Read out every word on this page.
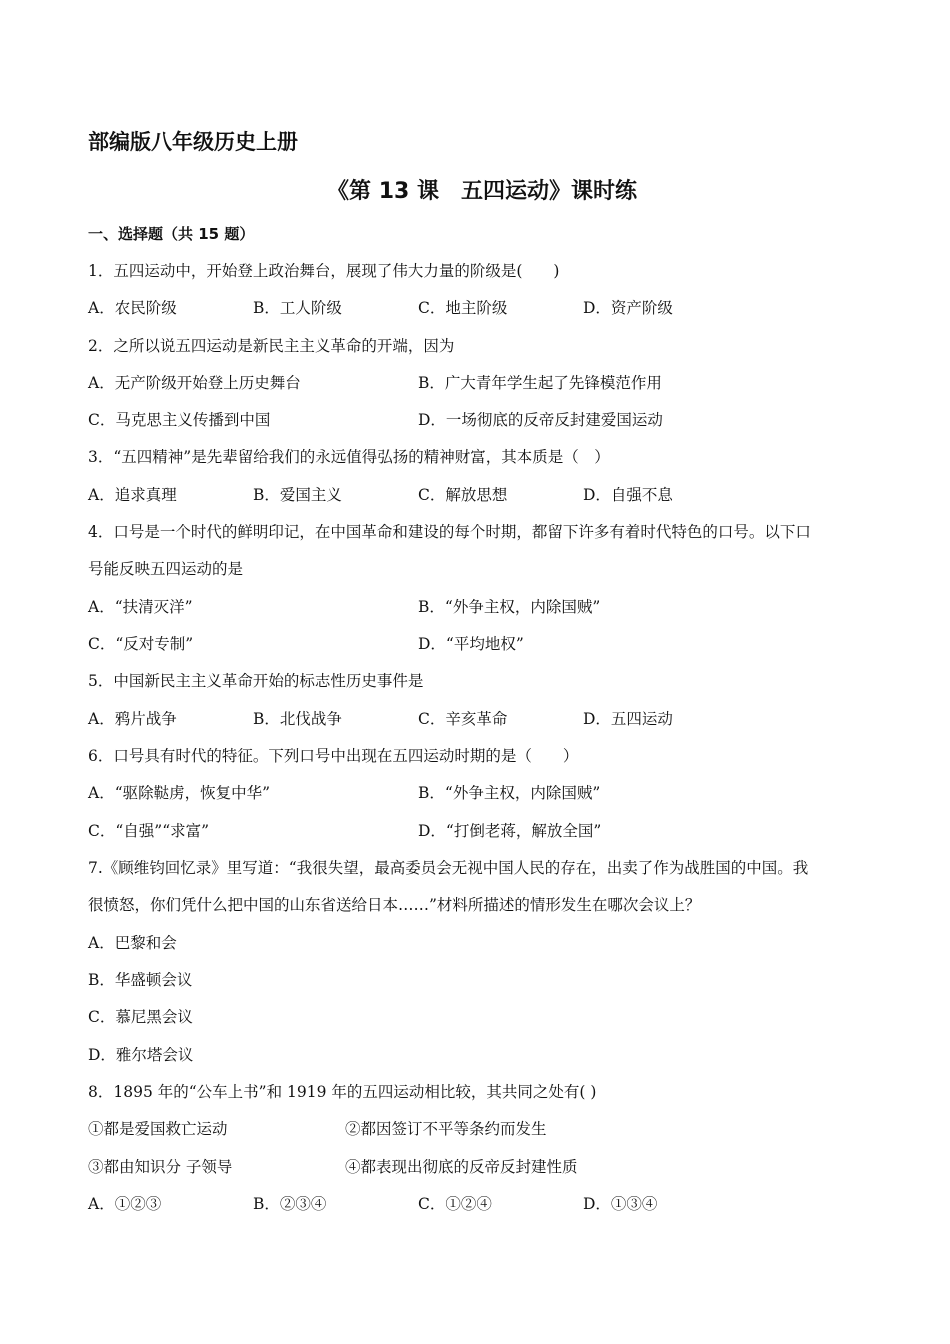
部编版八年级历史上册
《第 13 课　五四运动》课时练
一、选择题（共 15 题）
1．五四运动中，开始登上政治舞台，展现了伟大力量的阶级是(　　)
A．农民阶级	B．工人阶级	C．地主阶级	D．资产阶级
2．之所以说五四运动是新民主主义革命的开端，因为
A．无产阶级开始登上历史舞台	B．广大青年学生起了先锋模范作用
C．马克思主义传播到中国	D．一场彻底的反帝反封建爱国运动
3．“五四精神”是先辈留给我们的永远值得弘扬的精神财富，其本质是（　）
A．追求真理	B．爱国主义	C．解放思想	D．自强不息
4．口号是一个时代的鲜明印记，在中国革命和建设的每个时期，都留下许多有着时代特色的口号。以下口
号能反映五四运动的是
A．“扶清灭洋”	B．“外争主权，内除国贼”
C．“反对专制”	D．“平均地权”
5．中国新民主主义革命开始的标志性历史事件是
A．鸦片战争	B．北伐战争	C．辛亥革命	D．五四运动
6．口号具有时代的特征。下列口号中出现在五四运动时期的是（　　）
A．“驱除鞑虏，恢复中华”	B．“外争主权，内除国贼”
C．“自强”“求富”	D．“打倒老蒋，解放全国”
7.《顾维钧回忆录》里写道：“我很失望，最高委员会无视中国人民的存在，出卖了作为战胜国的中国。我
很愤怒，你们凭什么把中国的山东省送给日本……”材料所描述的情形发生在哪次会议上？
A．巴黎和会
B．华盛顿会议
C．慕尼黑会议
D．雅尔塔会议
8．1895 年的“公车上书”和 1919 年的五四运动相比较，其共同之处有( )
①都是爱国救亡运动	②都因签订不平等条约而发生
③都由知识分 子领导	④都表现出彻底的反帝反封建性质
A．①②③	B．②③④	C．①②④	D．①③④
